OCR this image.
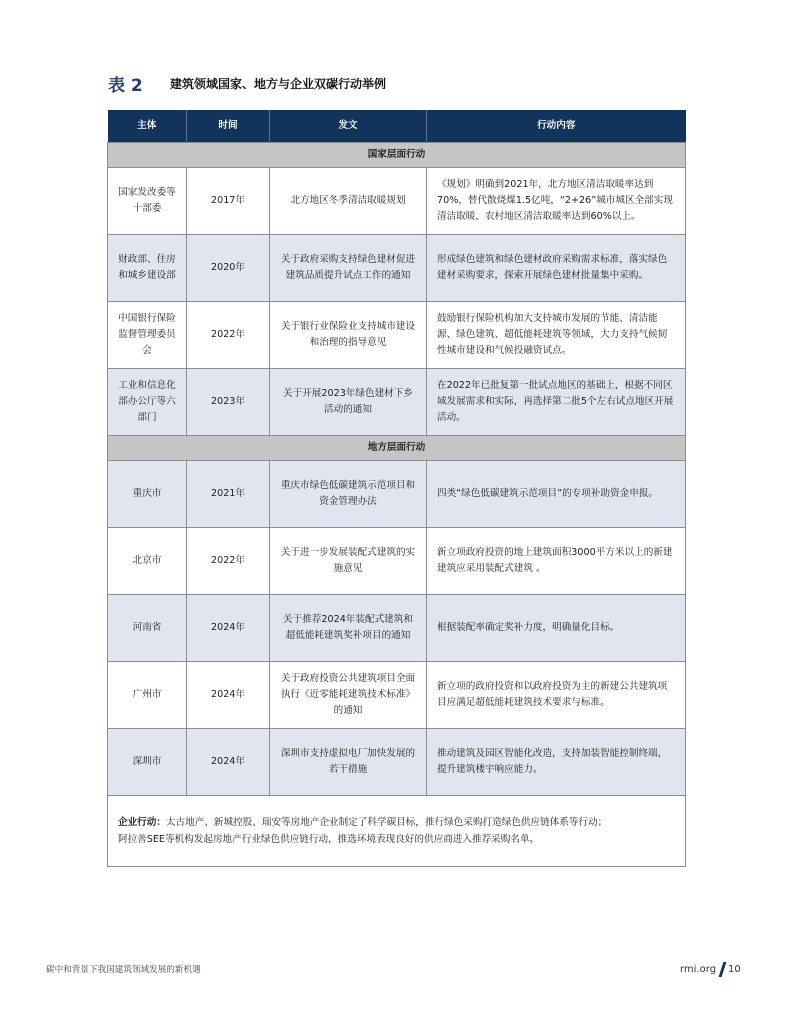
表 2	建筑领域国家、地方与企业双碳行动举例
主体	时间	发文	行动内容
国家层面行动			
国家发改委等十部委	2017年	北方地区冬季清洁取暖规划	《规划》明确到2021年，北方地区清洁取暖率达到70%，替代散烧煤1.5亿吨，“2+26”城市城区全部实现清洁取暖，农村地区清洁取暖率达到60%以上。
财政部、住房和城乡建设部	2020年	关于政府采购支持绿色建材促进建筑品质提升试点工作的通知	形成绿色建筑和绿色建材政府采购需求标准，落实绿色建材采购要求，探索开展绿色建材批量集中采购。
中国银行保险监督管理委员会	2022年	关于银行业保险业支持城市建设和治理的指导意见	鼓励银行保险机构加大支持城市发展的节能、清洁能源、绿色建筑、超低能耗建筑等领域，大力支持气候韧性城市建设和气候投融资试点。
工业和信息化部办公厅等六部门	2023年	关于开展2023年绿色建材下乡活动的通知	在2022年已批复第一批试点地区的基础上，根据不同区域发展需求和实际，再选择第二批5个左右试点地区开展活动。
地方层面行动			
重庆市	2021年	重庆市绿色低碳建筑示范项目和资金管理办法	四类“绿色低碳建筑示范项目”的专项补助资金申报。
北京市	2022年	关于进一步发展装配式建筑的实施意见	新立项政府投资的地上建筑面积3000平方米以上的新建建筑应采用装配式建筑 。
河南省	2024年	关于推荐2024年装配式建筑和超低能耗建筑奖补项目的通知	根据装配率确定奖补力度，明确量化目标。
广州市	2024年	关于政府投资公共建筑项目全面执行《近零能耗建筑技术标准》的通知	新立项的政府投资和以政府投资为主的新建公共建筑项目应满足超低能耗建筑技术要求与标准。
深圳市	2024年	深圳市支持虚拟电厂加快发展的若干措施	推动建筑及园区智能化改造，支持加装智能控制终端，提升建筑楼宇响应能力。

企业行动：太古地产、新城控股、瑞安等房地产企业制定了科学碳目标，推行绿色采购打造绿色供应链体系等行动；
阿拉善SEE等机构发起房地产行业绿色供应链行动，推选环境表现良好的供应商进入推荐采购名单。			
碳中和背景下我国建筑领域发展的新机遇	rmi.org 10
